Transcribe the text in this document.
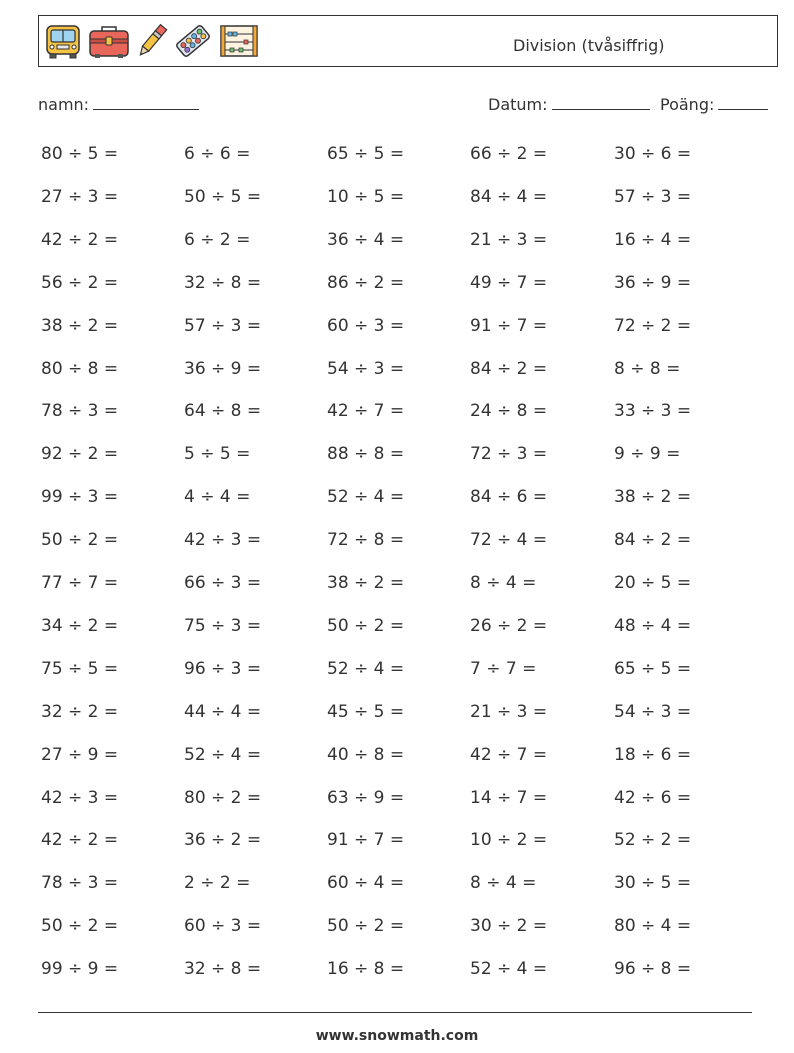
Division (tvåsiffrig)
namn:	Datum:	Poäng:
80 ÷ 5 =	6 ÷ 6 =	65 ÷ 5 =	66 ÷ 2 =	30 ÷ 6 =
27 ÷ 3 =	50 ÷ 5 =	10 ÷ 5 =	84 ÷ 4 =	57 ÷ 3 =
42 ÷ 2 =	6 ÷ 2 =	36 ÷ 4 =	21 ÷ 3 =	16 ÷ 4 =
56 ÷ 2 =	32 ÷ 8 =	86 ÷ 2 =	49 ÷ 7 =	36 ÷ 9 =
38 ÷ 2 =	57 ÷ 3 =	60 ÷ 3 =	91 ÷ 7 =	72 ÷ 2 =
80 ÷ 8 =	36 ÷ 9 =	54 ÷ 3 =	84 ÷ 2 =	8 ÷ 8 =
78 ÷ 3 =	64 ÷ 8 =	42 ÷ 7 =	24 ÷ 8 =	33 ÷ 3 =
92 ÷ 2 =	5 ÷ 5 =	88 ÷ 8 =	72 ÷ 3 =	9 ÷ 9 =
99 ÷ 3 =	4 ÷ 4 =	52 ÷ 4 =	84 ÷ 6 =	38 ÷ 2 =
50 ÷ 2 =	42 ÷ 3 =	72 ÷ 8 =	72 ÷ 4 =	84 ÷ 2 =
77 ÷ 7 =	66 ÷ 3 =	38 ÷ 2 =	8 ÷ 4 =	20 ÷ 5 =
34 ÷ 2 =	75 ÷ 3 =	50 ÷ 2 =	26 ÷ 2 =	48 ÷ 4 =
75 ÷ 5 =	96 ÷ 3 =	52 ÷ 4 =	7 ÷ 7 =	65 ÷ 5 =
32 ÷ 2 =	44 ÷ 4 =	45 ÷ 5 =	21 ÷ 3 =	54 ÷ 3 =
27 ÷ 9 =	52 ÷ 4 =	40 ÷ 8 =	42 ÷ 7 =	18 ÷ 6 =
42 ÷ 3 =	80 ÷ 2 =	63 ÷ 9 =	14 ÷ 7 =	42 ÷ 6 =
42 ÷ 2 =	36 ÷ 2 =	91 ÷ 7 =	10 ÷ 2 =	52 ÷ 2 =
78 ÷ 3 =	2 ÷ 2 =	60 ÷ 4 =	8 ÷ 4 =	30 ÷ 5 =
50 ÷ 2 =	60 ÷ 3 =	50 ÷ 2 =	30 ÷ 2 =	80 ÷ 4 =
99 ÷ 9 =	32 ÷ 8 =	16 ÷ 8 =	52 ÷ 4 =	96 ÷ 8 =
www.snowmath.com
